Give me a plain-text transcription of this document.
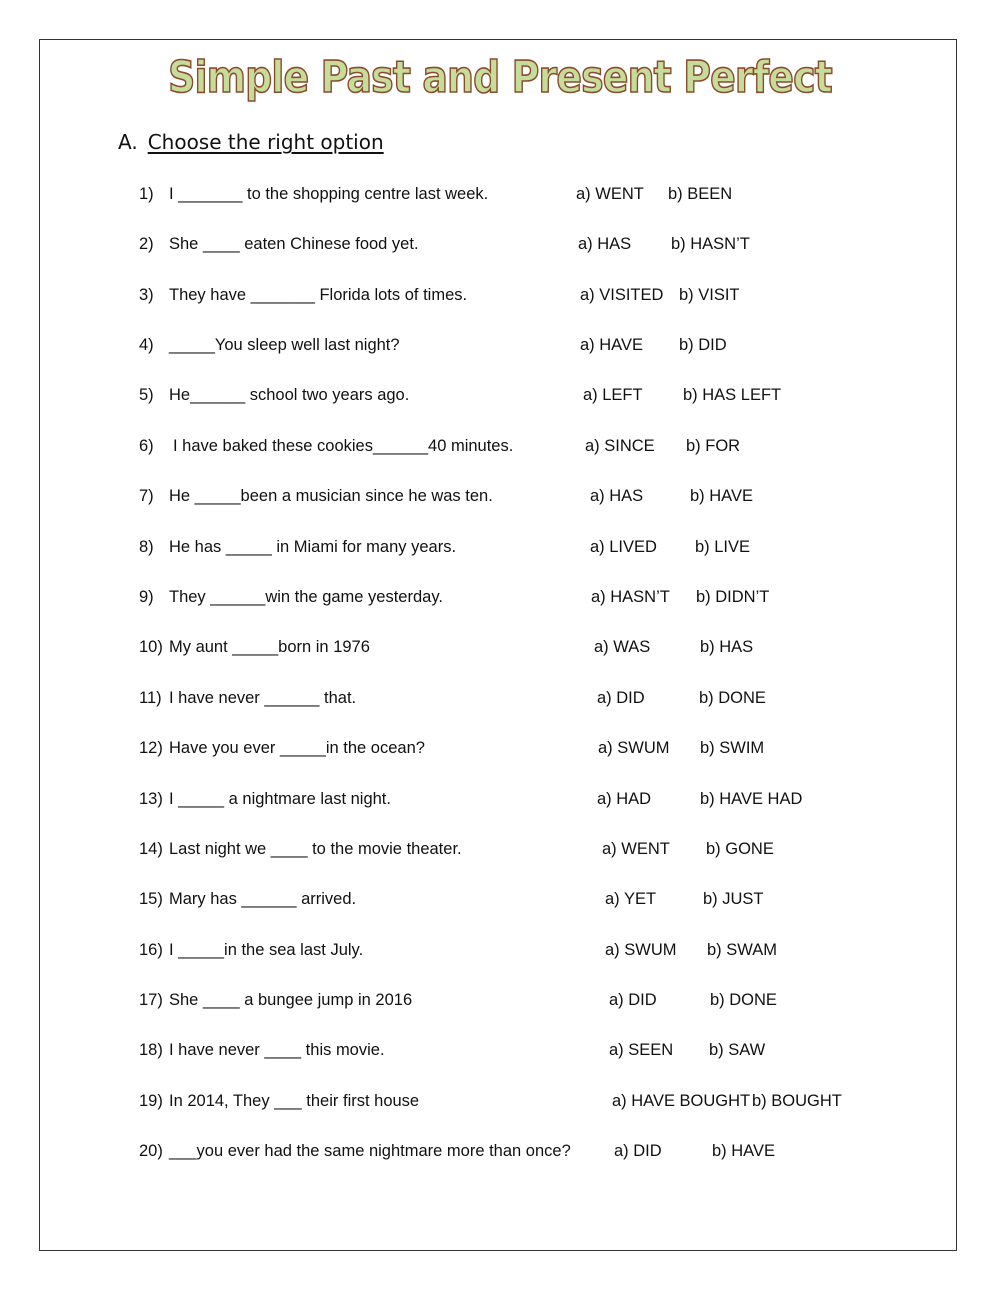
Simple Past and Present Perfect
A. Choose the right option
1) I _______ to the shopping centre last week.	a) WENT b) BEEN
2) She ____ eaten Chinese food yet.	a) HAS b) HASN’T
3) They have _______ Florida lots of times.	a) VISITED b) VISIT
4) _____You sleep well last night?	a) HAVE b) DID
5) He______ school two years ago.	a) LEFT b) HAS LEFT
6) I have baked these cookies______40 minutes.	a) SINCE b) FOR
7) He _____been a musician since he was ten.	a) HAS	b) HAVE
8) He has _____ in Miami for many years.	a) LIVED b) LIVE
9) They ______win the game yesterday.	a) HASN’T b) DIDN’T
10) My aunt _____born in 1976	a) WAS	b) HAS
11) I have never ______ that.	a) DID	b) DONE
12) Have you ever _____in the ocean?	a) SWUM b) SWIM
13) I _____ a nightmare last night.	a) HAD	b) HAVE HAD
14) Last night we ____ to the movie theater.	a) WENT b) GONE
15) Mary has ______ arrived.	a) YET	b) JUST
16) I _____in the sea last July.	a) SWUM b) SWAM
17) She ____ a bungee jump in 2016	a) DID	b) DONE
18) I have never ____ this movie.	a) SEEN b) SAW
19) In 2014, They ___ their first house	a) HAVE BOUGHT b) BOUGHT
20) ___you ever had the same nightmare more than once?	a) DID	b) HAVE
